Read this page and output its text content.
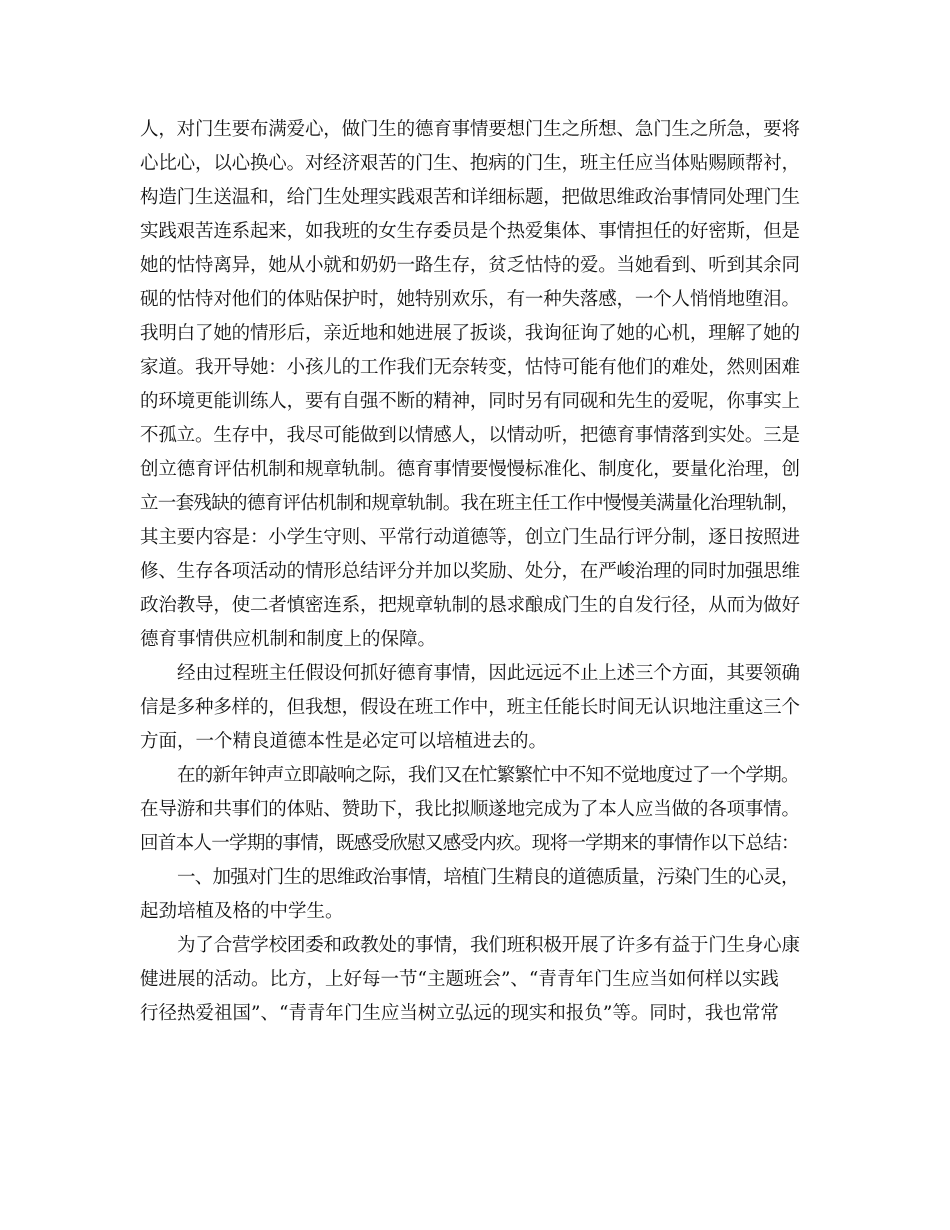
人，对门生要布满爱心，做门生的德育事情要想门生之所想、急门生之所急，要将
心比心，以心换心。对经济艰苦的门生、抱病的门生，班主任应当体贴赐顾帮衬，
构造门生送温和，给门生处理实践艰苦和详细标题，把做思维政治事情同处理门生
实践艰苦连系起来，如我班的女生存委员是个热爱集体、事情担任的好密斯，但是
她的怙恃离异，她从小就和奶奶一路生存，贫乏怙恃的爱。当她看到、听到其余同
砚的怙恃对他们的体贴保护时，她特别欢乐，有一种失落感，一个人悄悄地堕泪。
我明白了她的情形后，亲近地和她进展了扳谈，我询征询了她的心机，理解了她的
家道。我开导她：小孩儿的工作我们无奈转变，怙恃可能有他们的难处，然则困难
的环境更能训练人，要有自强不断的精神，同时另有同砚和先生的爱呢，你事实上
不孤立。生存中，我尽可能做到以情感人，以情动听，把德育事情落到实处。三是
创立德育评估机制和规章轨制。德育事情要慢慢标准化、制度化，要量化治理，创
立一套残缺的德育评估机制和规章轨制。我在班主任工作中慢慢美满量化治理轨制，
其主要内容是：小学生守则、平常行动道德等，创立门生品行评分制，逐日按照进
修、生存各项活动的情形总结评分并加以奖励、处分，在严峻治理的同时加强思维
政治教导，使二者慎密连系，把规章轨制的恳求酿成门生的自发行径，从而为做好
德育事情供应机制和制度上的保障。
经由过程班主任假设何抓好德育事情，因此远远不止上述三个方面，其要领确
信是多种多样的，但我想，假设在班工作中，班主任能长时间无认识地注重这三个
方面，一个精良道德本性是必定可以培植进去的。
在的新年钟声立即敲响之际，我们又在忙繁繁忙中不知不觉地度过了一个学期。
在导游和共事们的体贴、赞助下，我比拟顺遂地完成为了本人应当做的各项事情。
回首本人一学期的事情，既感受欣慰又感受内疚。现将一学期来的事情作以下总结：
一、加强对门生的思维政治事情，培植门生精良的道德质量，污染门生的心灵，
起劲培植及格的中学生。
为了合营学校团委和政教处的事情，我们班积极开展了许多有益于门生身心康
健进展的活动。比方，上好每一节“主题班会”、“青青年门生应当如何样以实践
行径热爱祖国”、“青青年门生应当树立弘远的现实和报负”等。同时，我也常常
